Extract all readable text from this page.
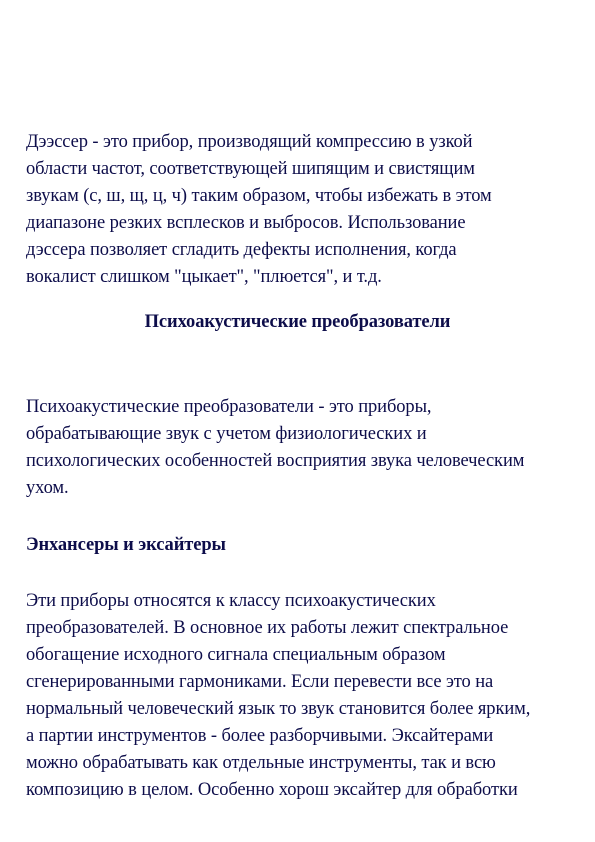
Дээссер - это прибор, производящий компрессию в узкой
области частот, соответствующей шипящим и свистящим
звукам (с, ш, щ, ц, ч) таким образом, чтобы избежать в этом
диапазоне резких всплесков и выбросов. Использование
дэссера позволяет сгладить дефекты исполнения, когда
вокалист слишком "цыкает", "плюется", и т.д.
Психоакустические преобразователи
Психоакустические преобразователи - это приборы,
обрабатывающие звук с учетом физиологических и
психологических особенностей восприятия звука человеческим
ухом.
Энхансеры и эксайтеры
Эти приборы относятся к классу психоакустических
преобразователей. В основное их работы лежит спектральное
обогащение исходного сигнала специальным образом
сгенерированными гармониками. Если перевести все это на
нормальный человеческий язык то звук становится более ярким,
а партии инструментов - более разборчивыми. Эксайтерами
можно обрабатывать как отдельные инструменты, так и всю
композицию в целом. Особенно хорош эксайтер для обработки
